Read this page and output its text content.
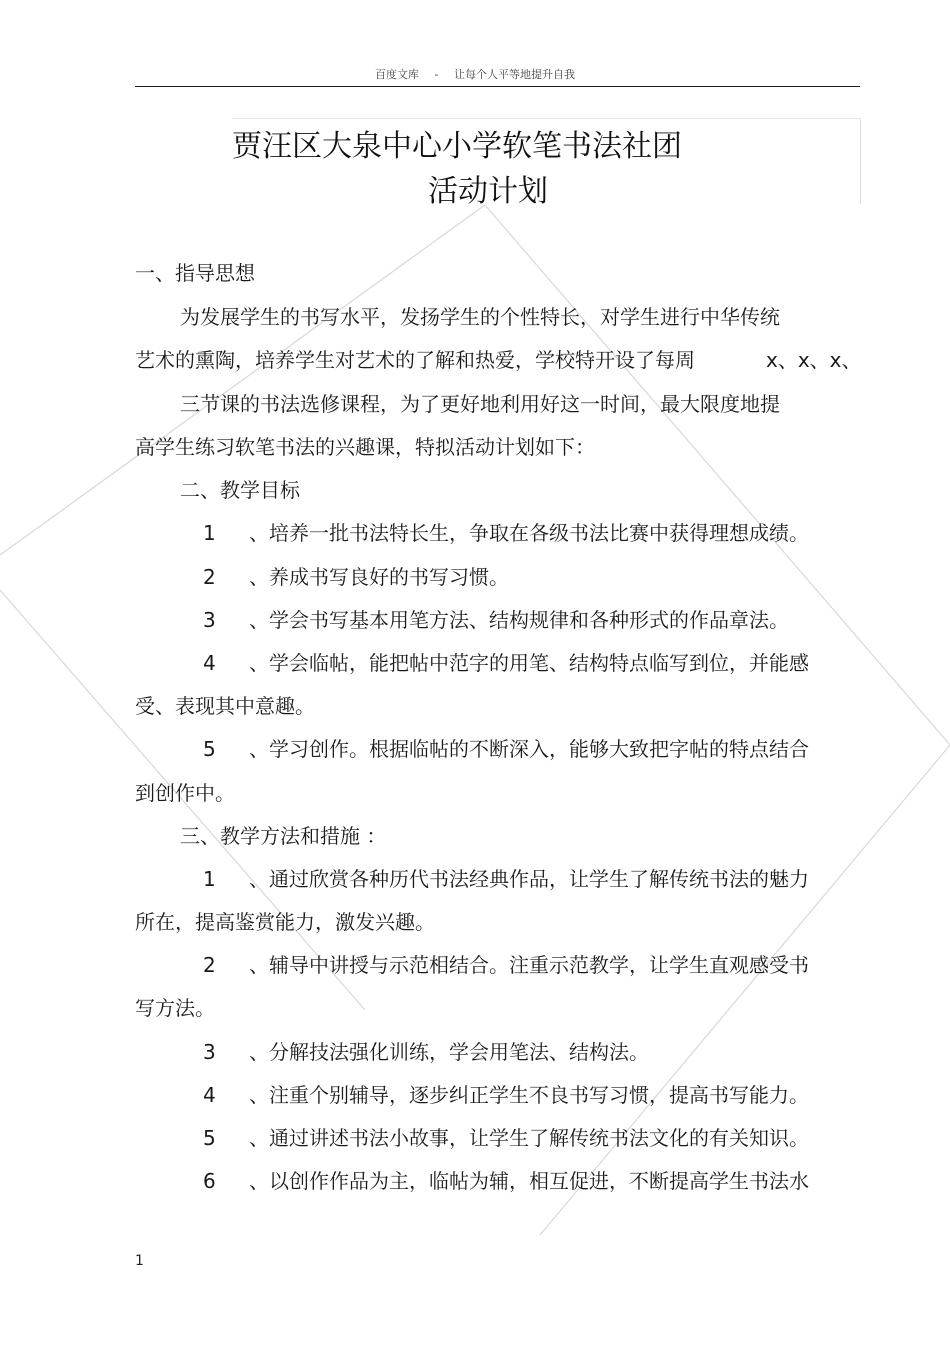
百度文库 - 让每个人平等地提升自我
贾汪区大泉中心小学软笔书法社团
活动计划
一、指导思想
为发展学生的书写水平，发扬学生的个性特长，对学生进行中华传统
艺术的熏陶，培养学生对艺术的了解和热爱，学校特开设了每周	x、x、x、
三节课的书法选修课程，为了更好地利用好这一时间，最大限度地提
高学生练习软笔书法的兴趣课，特拟活动计划如下：
二、教学目标
1 、培养一批书法特长生，争取在各级书法比赛中获得理想成绩。
2 、养成书写良好的书写习惯。
3 、学会书写基本用笔方法、结构规律和各种形式的作品章法。
4 、学会临帖，能把帖中范字的用笔、结构特点临写到位，并能感
受、表现其中意趣。
5 、学习创作。根据临帖的不断深入，能够大致把字帖的特点结合
到创作中。
三、教学方法和措施 ：
1 、通过欣赏各种历代书法经典作品，让学生了解传统书法的魅力
所在，提高鉴赏能力，激发兴趣。
2 、辅导中讲授与示范相结合。注重示范教学，让学生直观感受书
写方法。
3 、分解技法强化训练，学会用笔法、结构法。
4 、注重个别辅导，逐步纠正学生不良书写习惯，提高书写能力。
5 、通过讲述书法小故事，让学生了解传统书法文化的有关知识。
6 、以创作作品为主，临帖为辅，相互促进，不断提高学生书法水
1
